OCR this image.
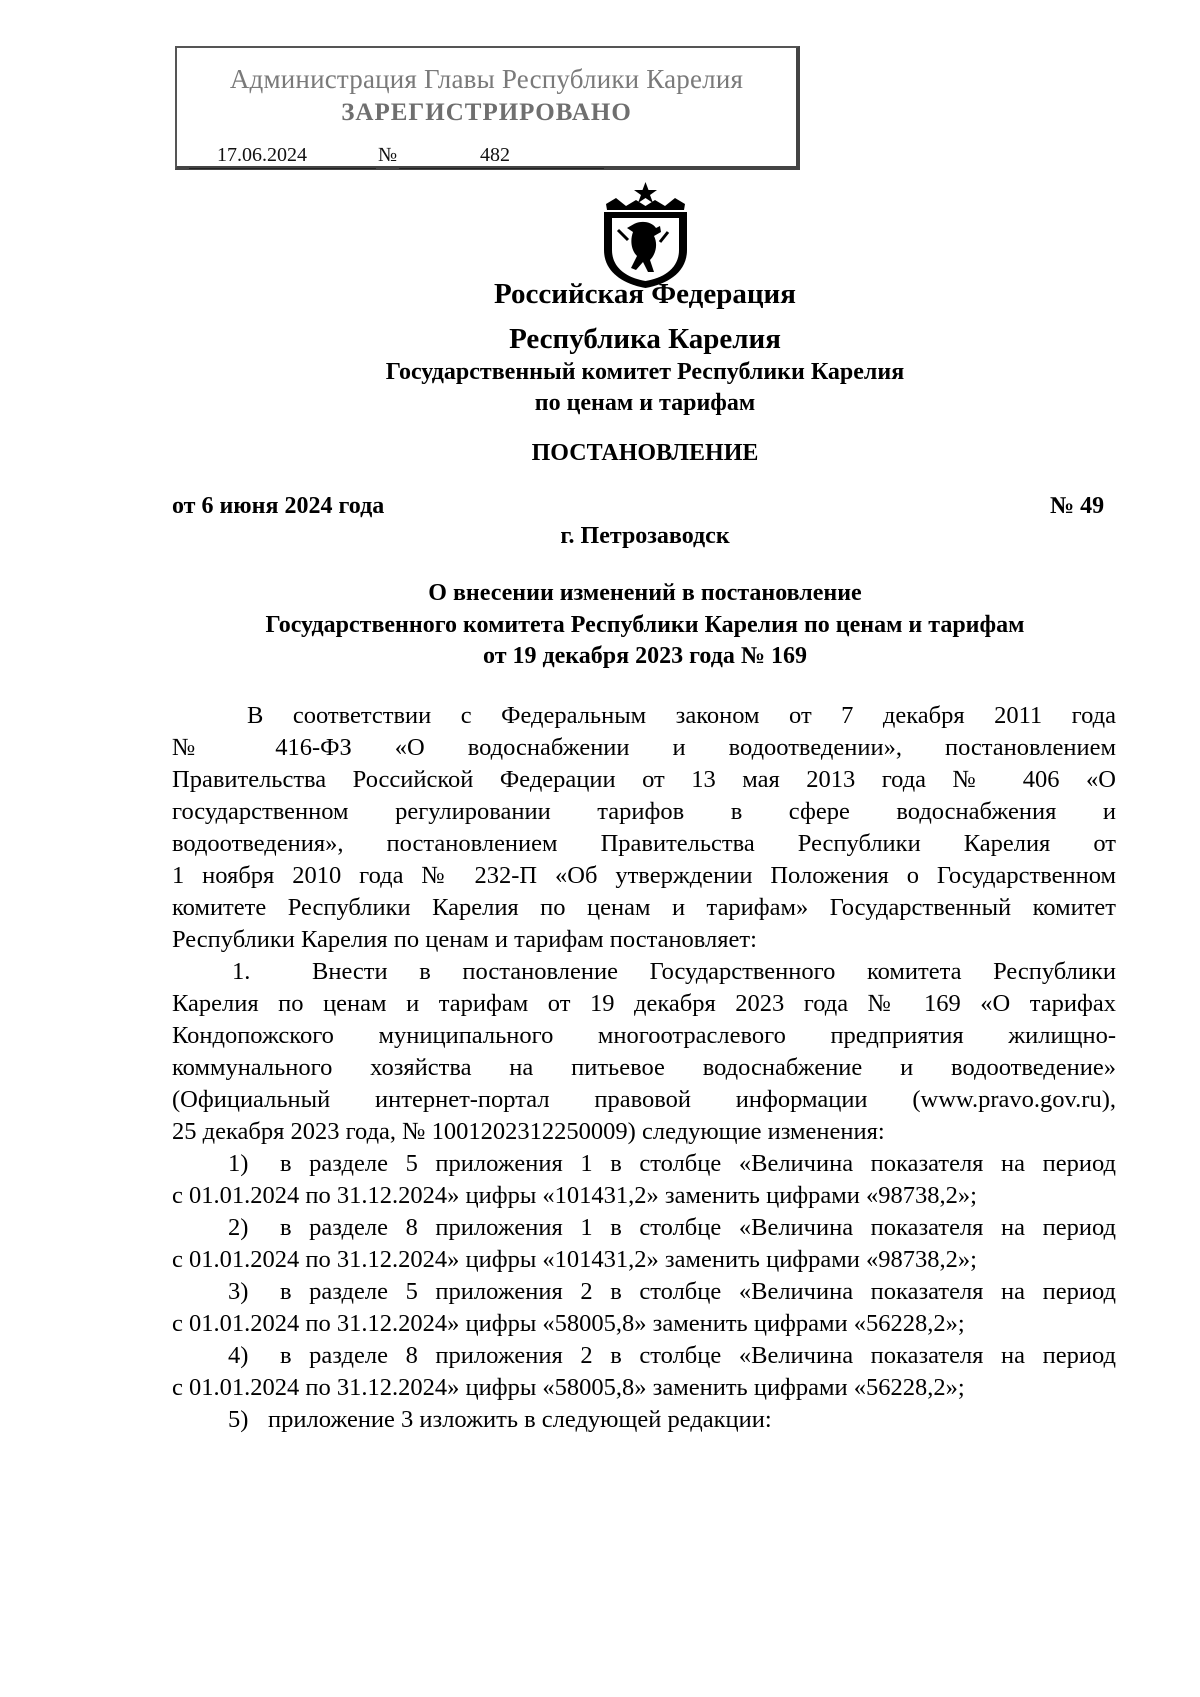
Администрация Главы Республики Карелия
ЗАРЕГИСТРИРОВАНО
17.06.2024	№	482
Российская Федерация
Республика Карелия
Государственный комитет Республики Карелия
по ценам и тарифам
ПОСТАНОВЛЕНИЕ
от 6 июня 2024 года	№ 49
г. Петрозаводск
О внесении изменений в постановление
Государственного комитета Республики Карелия по ценам и тарифам
от 19 декабря 2023 года № 169
В соответствии с Федеральным законом от 7 декабря 2011 года
№ 416-ФЗ «О водоснабжении и водоотведении», постановлением
Правительства Российской Федерации от 13 мая 2013 года № 406 «О
государственном регулировании тарифов в сфере водоснабжения и
водоотведения», постановлением Правительства Республики Карелия от
1 ноября 2010 года № 232-П «Об утверждении Положения о Государственном
комитете Республики Карелия по ценам и тарифам» Государственный комитет
Республики Карелия по ценам и тарифам постановляет:
1.	Внести в постановление Государственного комитета Республики
Карелия по ценам и тарифам от 19 декабря 2023 года № 169 «О тарифах
Кондопожского муниципального многоотраслевого предприятия жилищно-
коммунального хозяйства на питьевое водоснабжение и водоотведение»
(Официальный интернет-портал правовой информации (www.pravo.gov.ru),
25 декабря 2023 года, № 1001202312250009) следующие изменения:
1) в разделе 5 приложения 1 в столбце «Величина показателя на период
с 01.01.2024 по 31.12.2024» цифры «101431,2» заменить цифрами «98738,2»;
2) в разделе 8 приложения 1 в столбце «Величина показателя на период
с 01.01.2024 по 31.12.2024» цифры «101431,2» заменить цифрами «98738,2»;
3) в разделе 5 приложения 2 в столбце «Величина показателя на период
с 01.01.2024 по 31.12.2024» цифры «58005,8» заменить цифрами «56228,2»;
4) в разделе 8 приложения 2 в столбце «Величина показателя на период
с 01.01.2024 по 31.12.2024» цифры «58005,8» заменить цифрами «56228,2»;
5) приложение 3 изложить в следующей редакции:
